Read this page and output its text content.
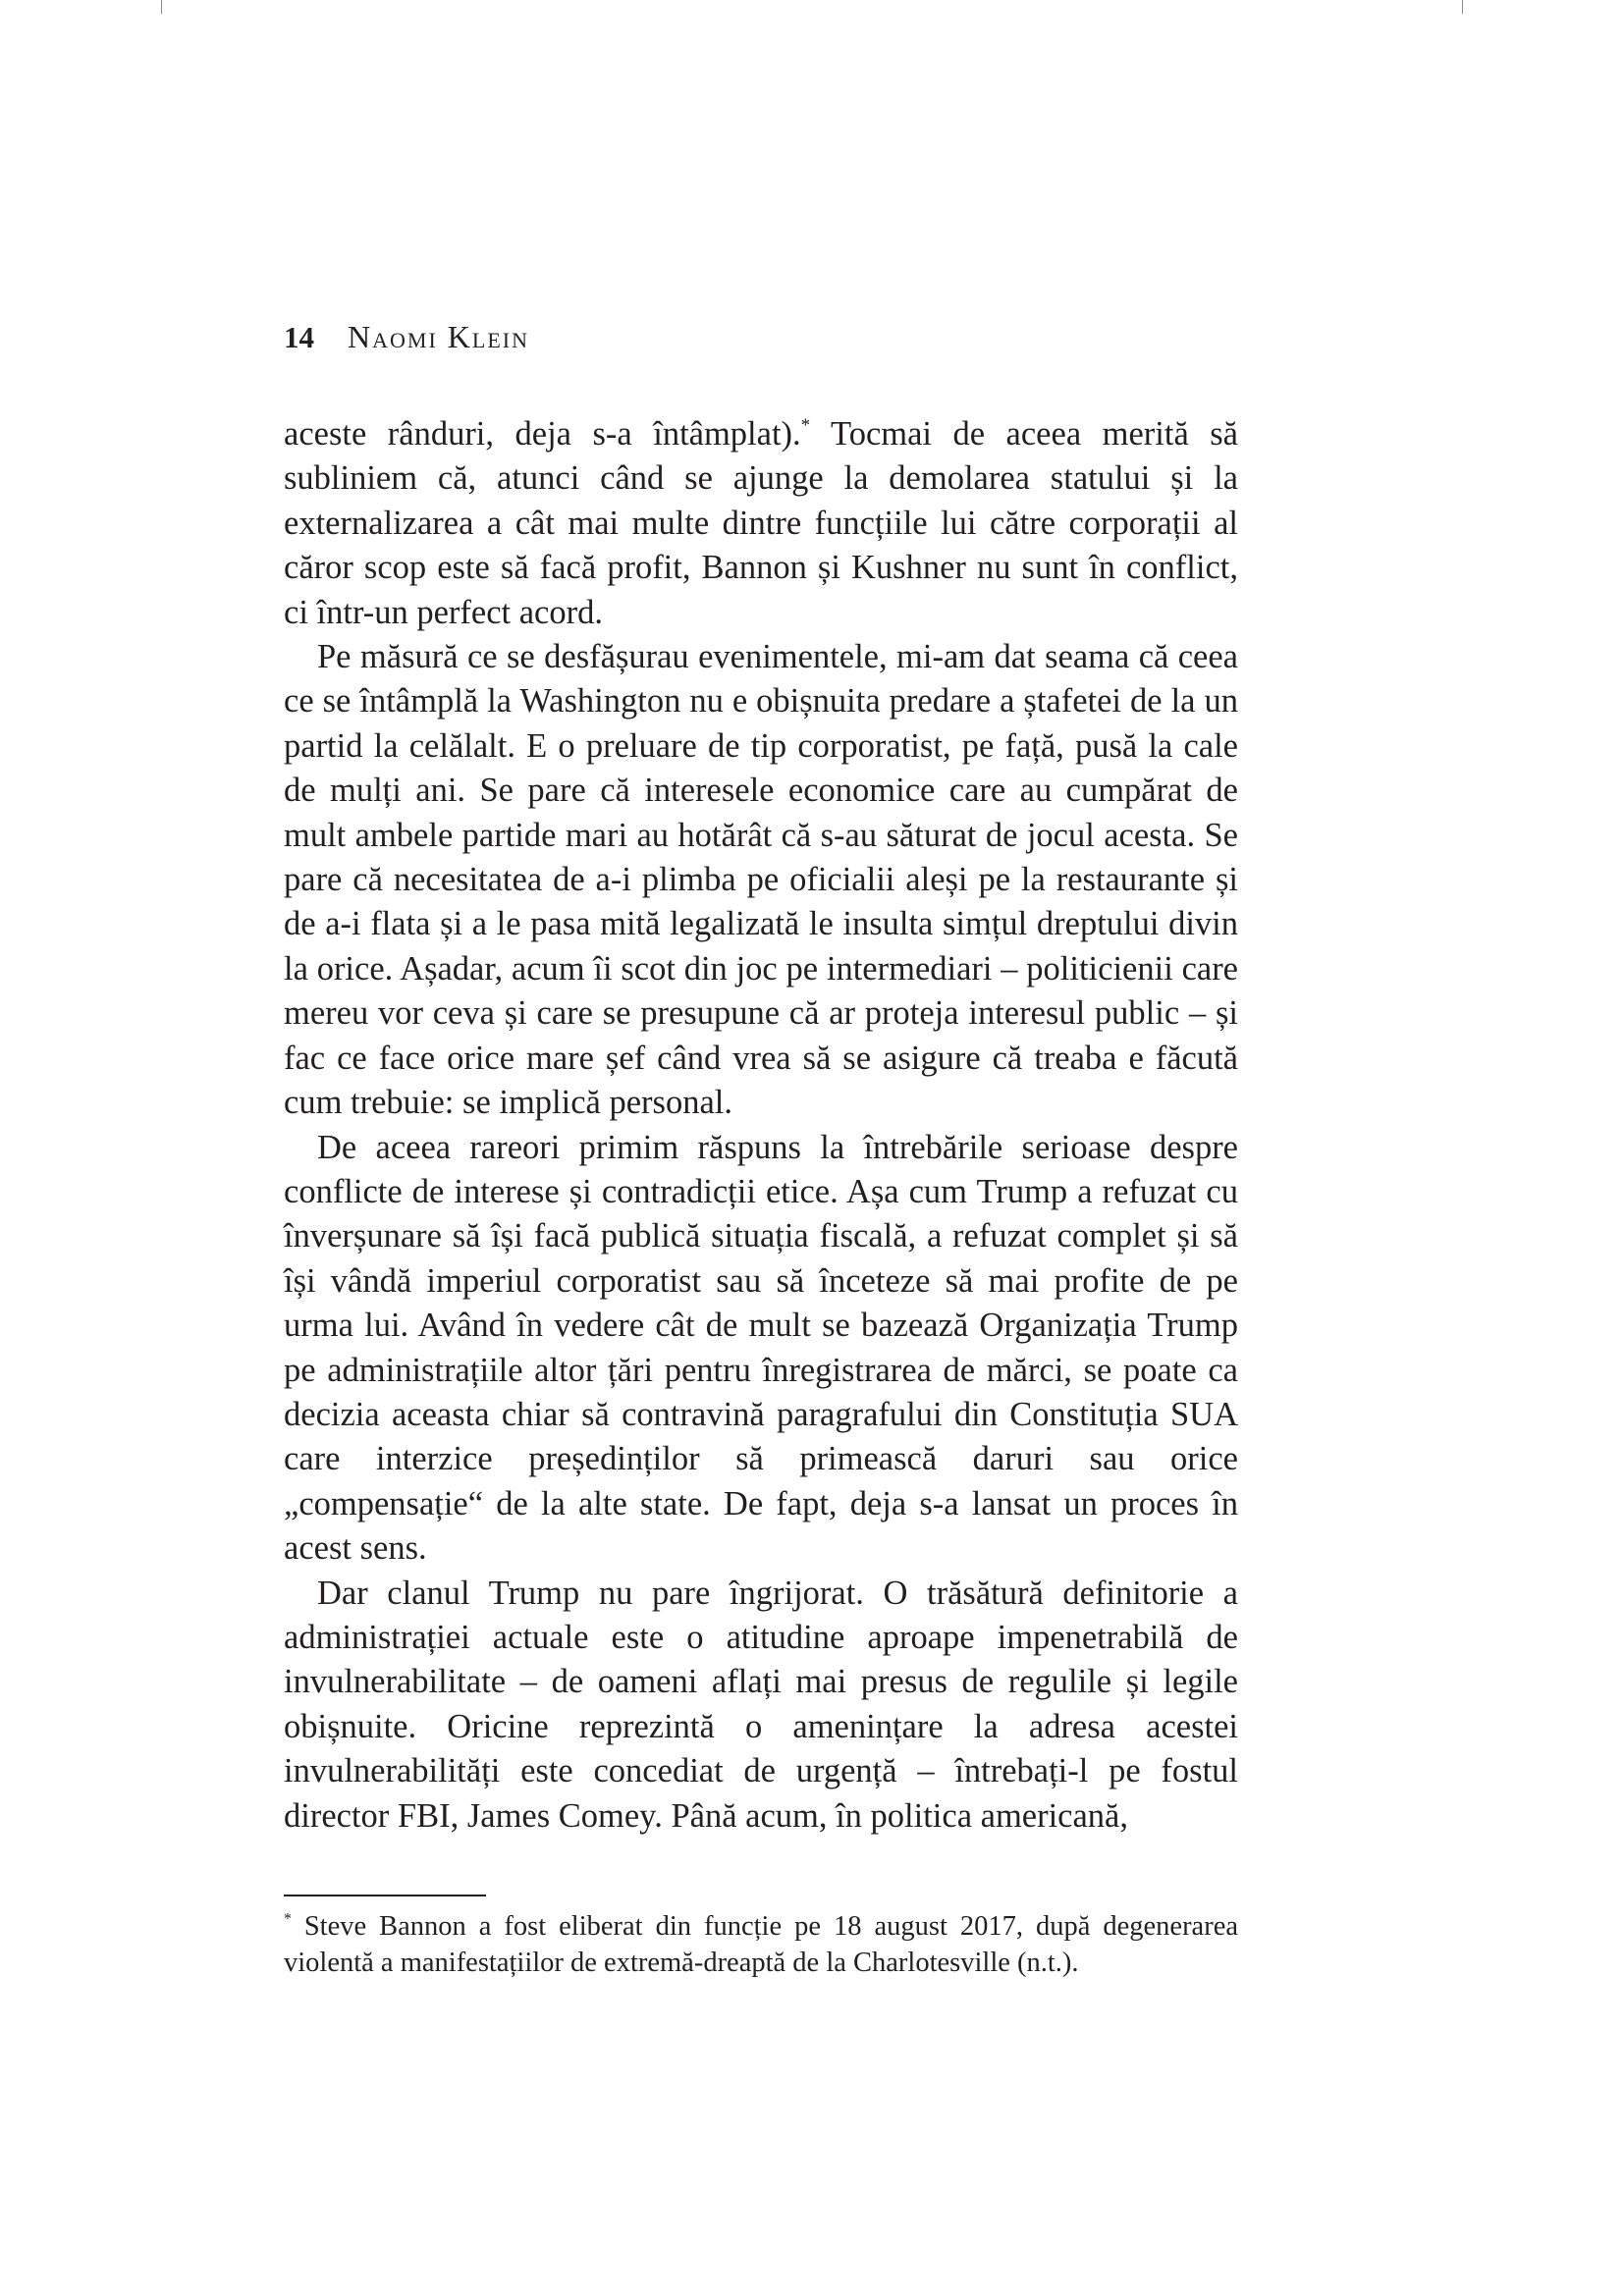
14 Naomi Klein

aceste rânduri, deja s-a întâmplat).* Tocmai de aceea merită să subliniem că, atunci când se ajunge la demolarea statului și la externalizarea a cât mai multe dintre funcțiile lui către corporații al căror scop este să facă profit, Bannon și Kushner nu sunt în conflict, ci într-un perfect acord.

Pe măsură ce se desfășurau evenimentele, mi-am dat seama că ceea ce se întâmplă la Washington nu e obișnuita predare a ștafetei de la un partid la celălalt. E o preluare de tip corporatist, pe față, pusă la cale de mulți ani. Se pare că interesele economice care au cumpărat de mult ambele partide mari au hotărât că s-au săturat de jocul acesta. Se pare că necesitatea de a-i plimba pe oficialii aleși pe la restaurante și de a-i flata și a le pasa mită legalizată le insulta simțul dreptului divin la orice. Așadar, acum îi scot din joc pe intermediari – politicienii care mereu vor ceva și care se presupune că ar proteja interesul public – și fac ce face orice mare șef când vrea să se asigure că treaba e făcută cum trebuie: se implică personal.

De aceea rareori primim răspuns la întrebările serioase despre conflicte de interese și contradicții etice. Așa cum Trump a refuzat cu înverșunare să își facă publică situația fiscală, a refuzat complet și să își vândă imperiul corporatist sau să înceteze să mai profite de pe urma lui. Având în vedere cât de mult se bazează Organizația Trump pe administrațiile altor țări pentru înregistrarea de mărci, se poate ca decizia aceasta chiar să contravină paragrafului din Constituția SUA care interzice președinților să primească daruri sau orice „compensație“ de la alte state. De fapt, deja s-a lansat un proces în acest sens.

Dar clanul Trump nu pare îngrijorat. O trăsătură definitorie a administrației actuale este o atitudine aproape impenetrabilă de invulnerabilitate – de oameni aflați mai presus de regulile și legile obișnuite. Oricine reprezintă o amenințare la adresa acestei invulnerabilități este concediat de urgență – întrebați-l pe fostul director FBI, James Comey. Până acum, în politica americană,

* Steve Bannon a fost eliberat din funcție pe 18 august 2017, după degenerarea violentă a manifestațiilor de extremă-dreaptă de la Charlotesville (n.t.).
